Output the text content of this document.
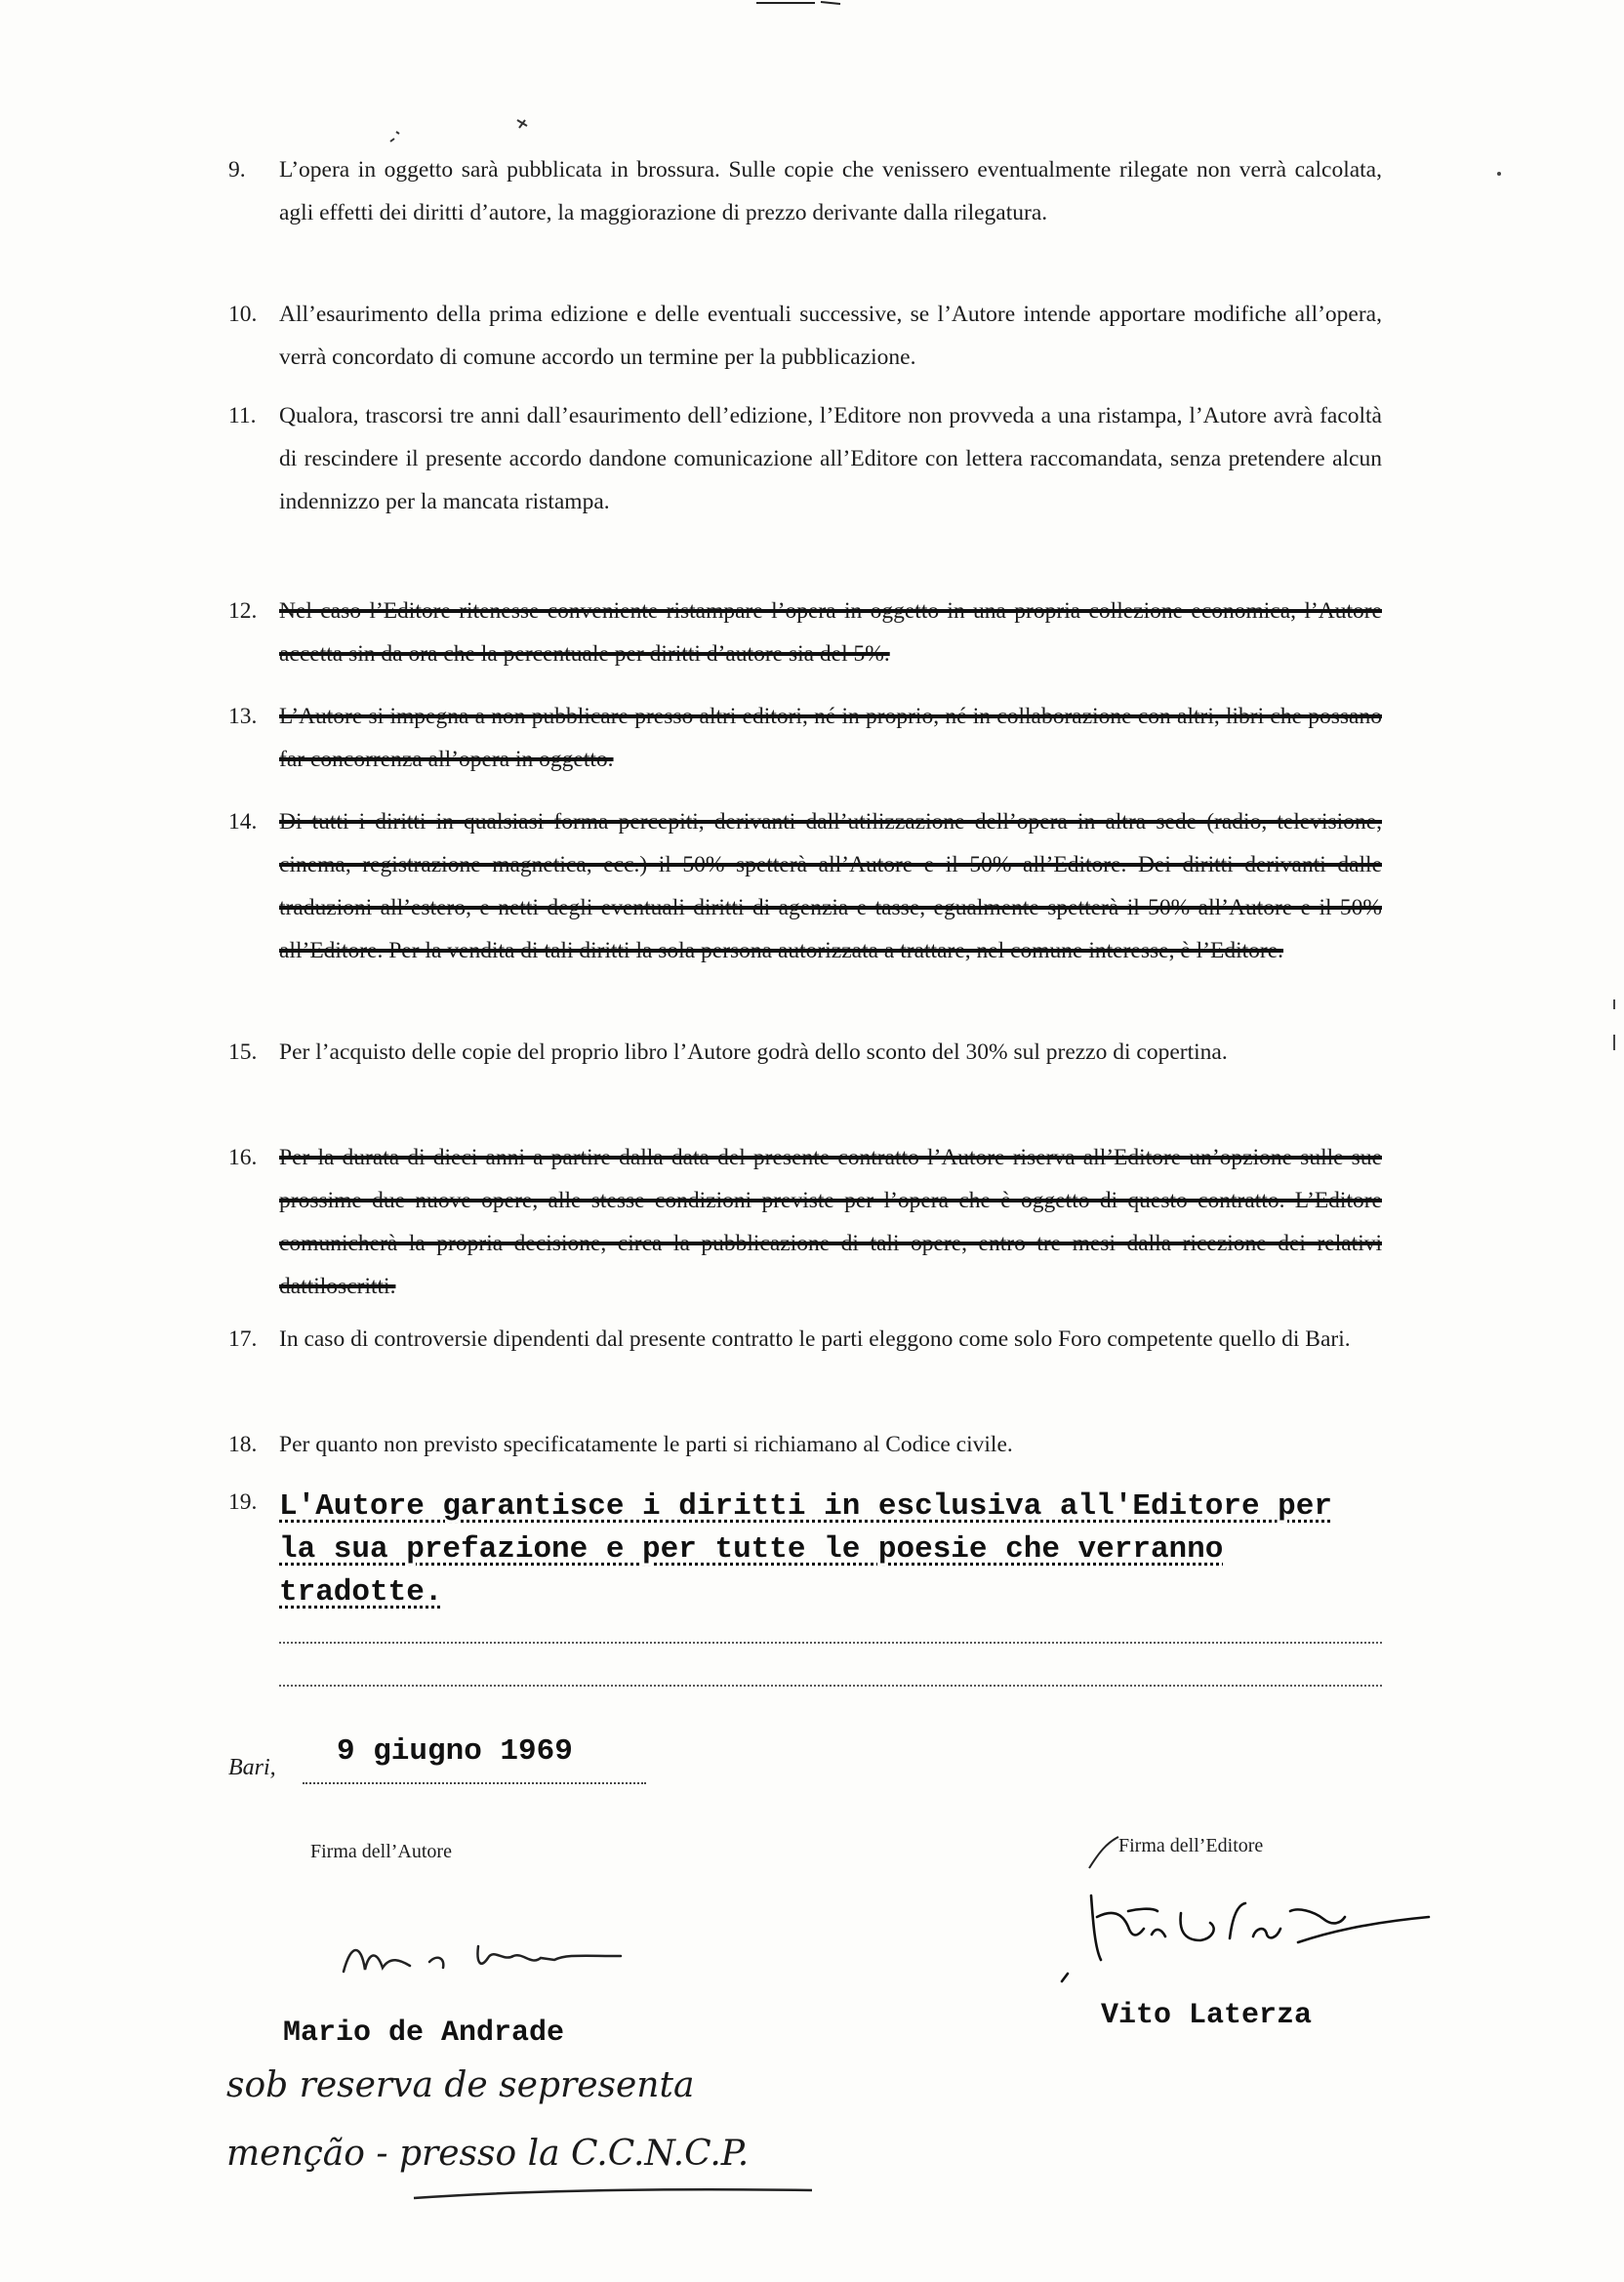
9.	L’opera in oggetto sarà pubblicata in brossura. Sulle copie che venissero eventualmente rilegate non verrà calcolata, agli effetti dei diritti d’autore, la maggiorazione di prezzo derivante dalla rilegatura.
10. All’esaurimento della prima edizione e delle eventuali successive, se l’Autore intende apportare modifiche all’opera, verrà concordato di comune accordo un termine per la pubblicazione.
11. Qualora, trascorsi tre anni dall’esaurimento dell’edizione, l’Editore non provveda a una ristampa, l’Autore avrà facoltà di rescindere il presente accordo dandone comunicazione all’Editore con lettera raccomandata, senza pretendere alcun indennizzo per la mancata ristampa.
12. Nel caso l’Editore ritenesse conveniente ristampare l’opera in oggetto in una propria collezione economica, l’Autore accetta sin da ora che la percentuale per diritti d’autore sia del 5%.
13. L’Autore si impegna a non pubblicare presso altri editori, né in proprio, né in collaborazione con altri, libri che possano far concorrenza all’opera in oggetto.
14. Di tutti i diritti in qualsiasi forma percepiti, derivanti dall’utilizzazione dell’opera in altra sede (radio, televisione, cinema, registrazione magnetica, ecc.) il 50% spetterà all’Autore e il 50% all’Editore. Dei diritti derivanti dalle traduzioni all’estero, e netti degli eventuali diritti di agenzia e tasse, egualmente spetterà il 50% all’Autore e il 50% all’Editore. Per la vendita di tali diritti la sola persona autorizzata a trattare, nel comune interesse, è l’Editore.
15. Per l’acquisto delle copie del proprio libro l’Autore godrà dello sconto del 30% sul prezzo di copertina.
16. Per la durata di dieci anni a partire dalla data del presente contratto l’Autore riserva all’Editore un’opzione sulle sue prossime due nuove opere, alle stesse condizioni previste per l’opera che è oggetto di questo contratto. L’Editore comunicherà la propria decisione, circa la pubblicazione di tali opere, entro tre mesi dalla ricezione dei relativi dattiloscritti.
17. In caso di controversie dipendenti dal presente contratto le parti eleggono come solo Foro competente quello di Bari.
18. Per quanto non previsto specificatamente le parti si richiamano al Codice civile.
19. L'Autore garantisce i diritti in esclusiva all'Editore per la sua prefazione e per tutte le poesie che verranno tradotte.
Bari, 9 giugno 1969
Firma dell’Autore
Mario de Andrade
Firma dell’Editore
Vito Laterza
sob reserva de sepresenta
menção - presso la C.C.N.C.P.
